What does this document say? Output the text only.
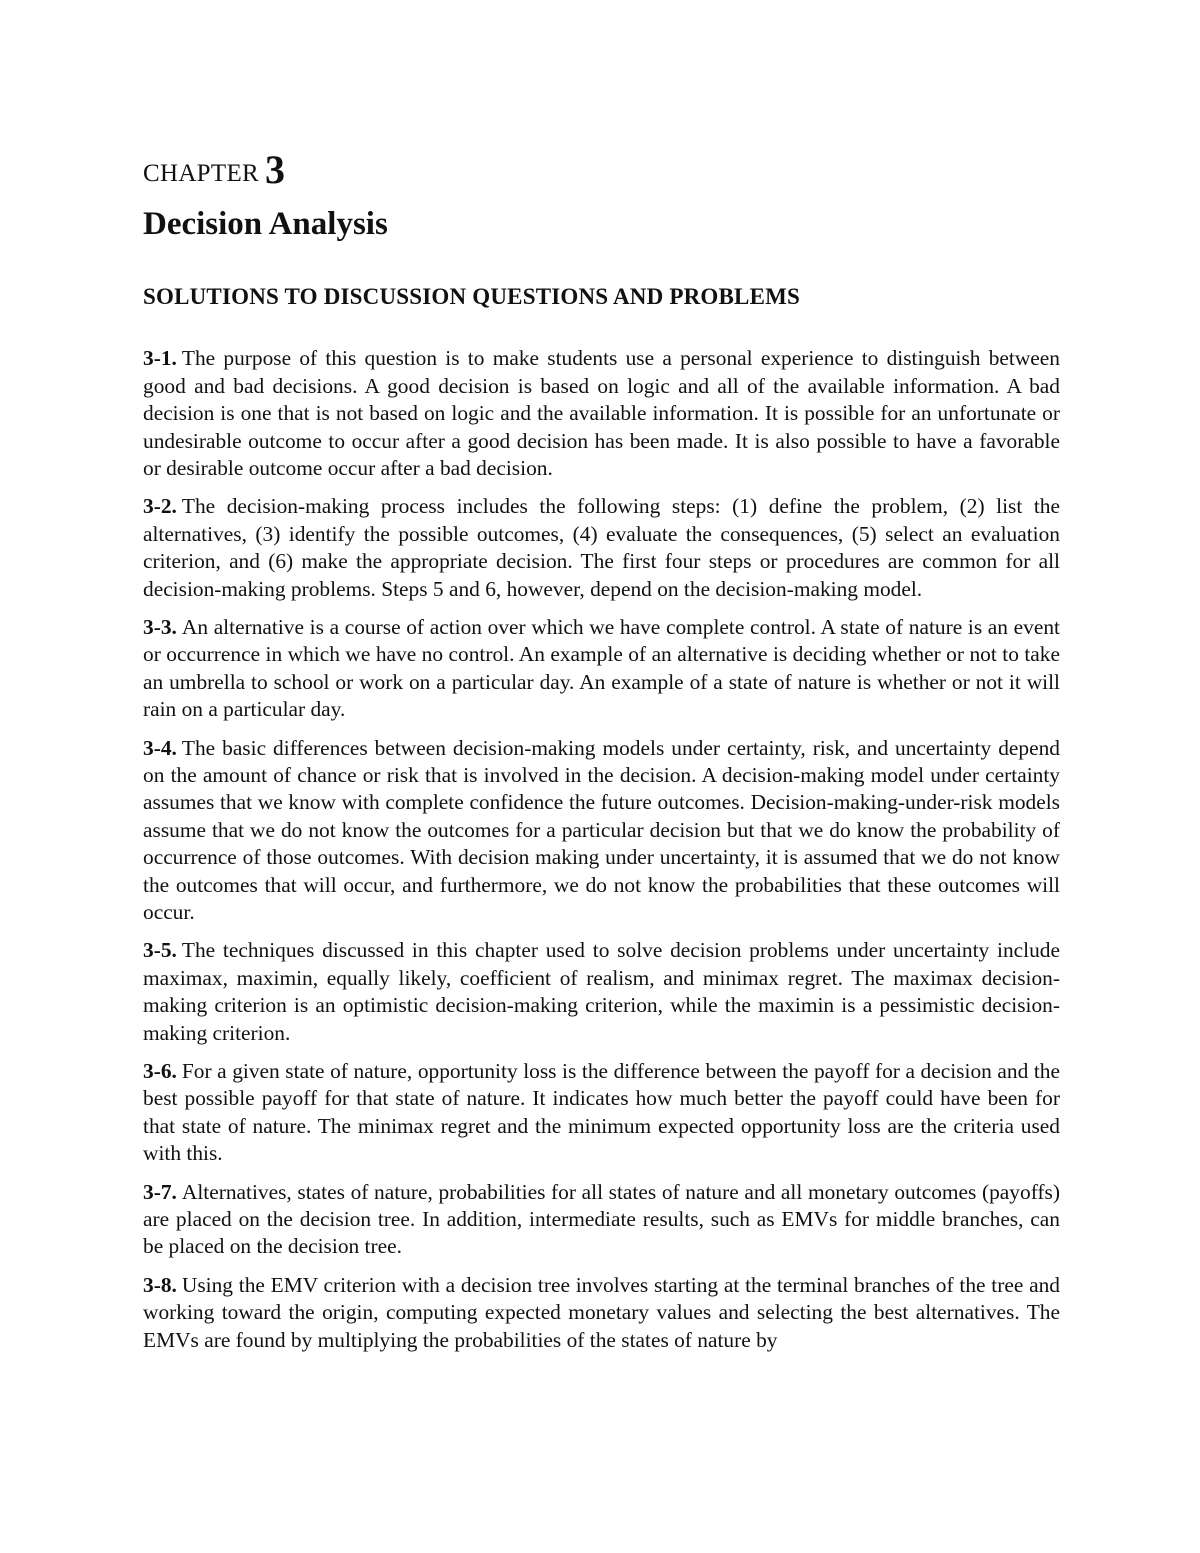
CHAPTER 3
Decision Analysis
SOLUTIONS TO DISCUSSION QUESTIONS AND PROBLEMS

3-1. The purpose of this question is to make students use a personal experience to distinguish between good and bad decisions. A good decision is based on logic and all of the available information. A bad decision is one that is not based on logic and the available information. It is possible for an unfortunate or undesirable outcome to occur after a good decision has been made. It is also possible to have a favorable or desirable outcome occur after a bad decision.

3-2. The decision-making process includes the following steps: (1) define the problem, (2) list the alternatives, (3) identify the possible outcomes, (4) evaluate the consequences, (5) select an evaluation criterion, and (6) make the appropriate decision. The first four steps or procedures are common for all decision-making problems. Steps 5 and 6, however, depend on the decision-making model.

3-3. An alternative is a course of action over which we have complete control. A state of nature is an event or occurrence in which we have no control. An example of an alternative is deciding whether or not to take an umbrella to school or work on a particular day. An example of a state of nature is whether or not it will rain on a particular day.

3-4. The basic differences between decision-making models under certainty, risk, and uncertainty depend on the amount of chance or risk that is involved in the decision. A decision-making model under certainty assumes that we know with complete confidence the future outcomes. Decision-making-under-risk models assume that we do not know the outcomes for a particular decision but that we do know the probability of occurrence of those outcomes. With decision making under uncertainty, it is assumed that we do not know the outcomes that will occur, and furthermore, we do not know the probabilities that these outcomes will occur.

3-5. The techniques discussed in this chapter used to solve decision problems under uncertainty include maximax, maximin, equally likely, coefficient of realism, and minimax regret. The maximax decision-making criterion is an optimistic decision-making criterion, while the maximin is a pessimistic decision-making criterion.

3-6. For a given state of nature, opportunity loss is the difference between the payoff for a decision and the best possible payoff for that state of nature. It indicates how much better the payoff could have been for that state of nature. The minimax regret and the minimum expected opportunity loss are the criteria used with this.

3-7. Alternatives, states of nature, probabilities for all states of nature and all monetary outcomes (payoffs) are placed on the decision tree. In addition, intermediate results, such as EMVs for middle branches, can be placed on the decision tree.

3-8. Using the EMV criterion with a decision tree involves starting at the terminal branches of the tree and working toward the origin, computing expected monetary values and selecting the best alternatives. The EMVs are found by multiplying the probabilities of the states of nature by
